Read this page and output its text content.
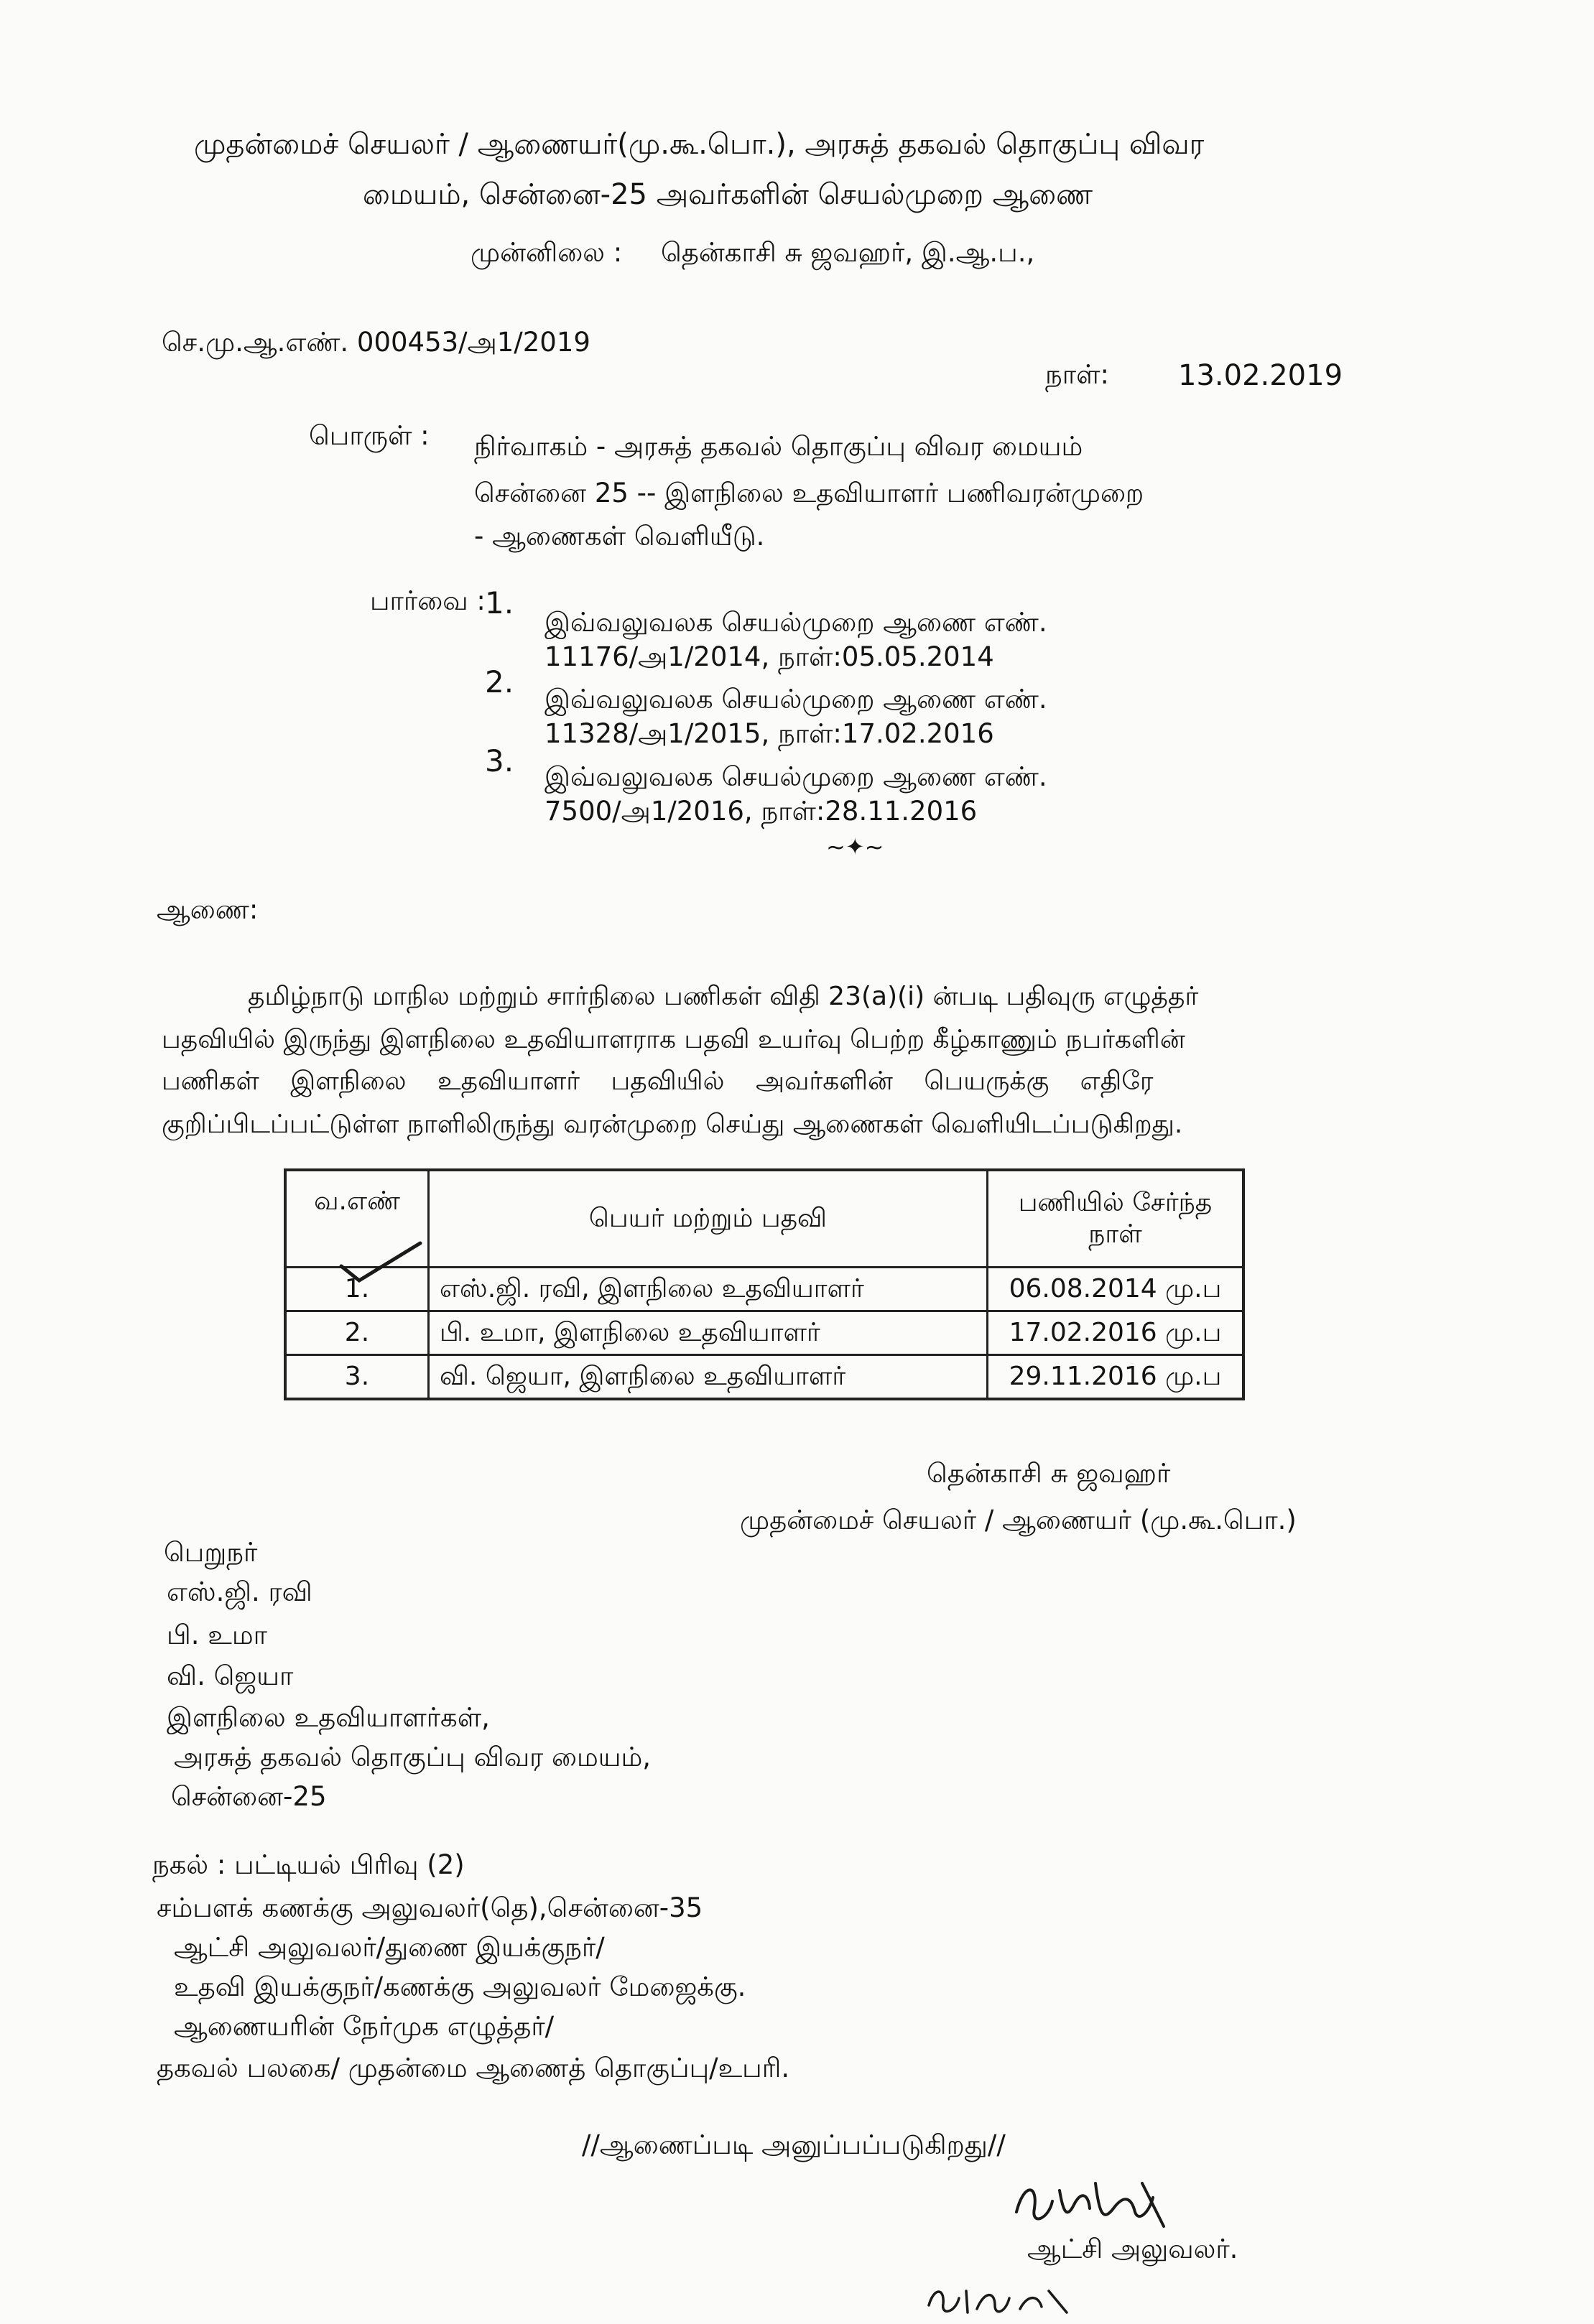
முதன்மைச் செயலர் / ஆணையர்(மு.கூ.பொ.), அரசுத் தகவல் தொகுப்பு விவர
மையம், சென்னை-25 அவர்களின் செயல்முறை ஆணை
முன்னிலை : தென்காசி சு ஜவஹர், இ.ஆ.ப.,
செ.மு.ஆ.எண். 000453/அ1/2019
நாள்: 13.02.2019
பொருள் : நிர்வாகம் - அரசுத் தகவல் தொகுப்பு விவர மையம்
சென்னை 25 -- இளநிலை உதவியாளர் பணிவரன்முறை
- ஆணைகள் வெளியீடு.
பார்வை : 1.
இவ்வலுவலக செயல்முறை ஆணை எண்.
11176/அ1/2014, நாள்:05.05.2014
2. இவ்வலுவலக செயல்முறை ஆணை எண்.
11328/அ1/2015, நாள்:17.02.2016
3. இவ்வலுவலக செயல்முறை ஆணை எண்.
7500/அ1/2016, நாள்:28.11.2016
~✦~
ஆணை:
தமிழ்நாடு மாநில மற்றும் சார்நிலை பணிகள் விதி 23(a)(i) ன்படி பதிவுரு எழுத்தர்
பதவியில் இருந்து இளநிலை உதவியாளராக பதவி உயர்வு பெற்ற கீழ்காணும் நபர்களின்
பணிகள் இளநிலை உதவியாளர் பதவியில் அவர்களின் பெயருக்கு எதிரே
குறிப்பிடப்பட்டுள்ள நாளிலிருந்து வரன்முறை செய்து ஆணைகள் வெளியிடப்படுகிறது.
வ.எண்	பெயர் மற்றும் பதவி	பணியில் சேர்ந்த நாள்
1.	எஸ்.ஜி. ரவி, இளநிலை உதவியாளர்	06.08.2014 மு.ப
2.	பி. உமா, இளநிலை உதவியாளர்	17.02.2016 மு.ப
3.	வி. ஜெயா, இளநிலை உதவியாளர்	29.11.2016 மு.ப
தென்காசி சு ஜவஹர்
முதன்மைச் செயலர் / ஆணையர் (மு.கூ.பொ.)
பெறுநர்
எஸ்.ஜி. ரவி
பி. உமா
வி. ஜெயா
இளநிலை உதவியாளர்கள்,
அரசுத் தகவல் தொகுப்பு விவர மையம்,
சென்னை-25
நகல் : பட்டியல் பிரிவு (2)
சம்பளக் கணக்கு அலுவலர்(தெ),சென்னை-35
ஆட்சி அலுவலர்/துணை இயக்குநர்/
உதவி இயக்குநர்/கணக்கு அலுவலர் மேஜைக்கு.
ஆணையரின் நேர்முக எழுத்தர்/
தகவல் பலகை/ முதன்மை ஆணைத் தொகுப்பு/உபரி.
//ஆணைப்படி அனுப்பப்படுகிறது//
ஆட்சி அலுவலர்.
